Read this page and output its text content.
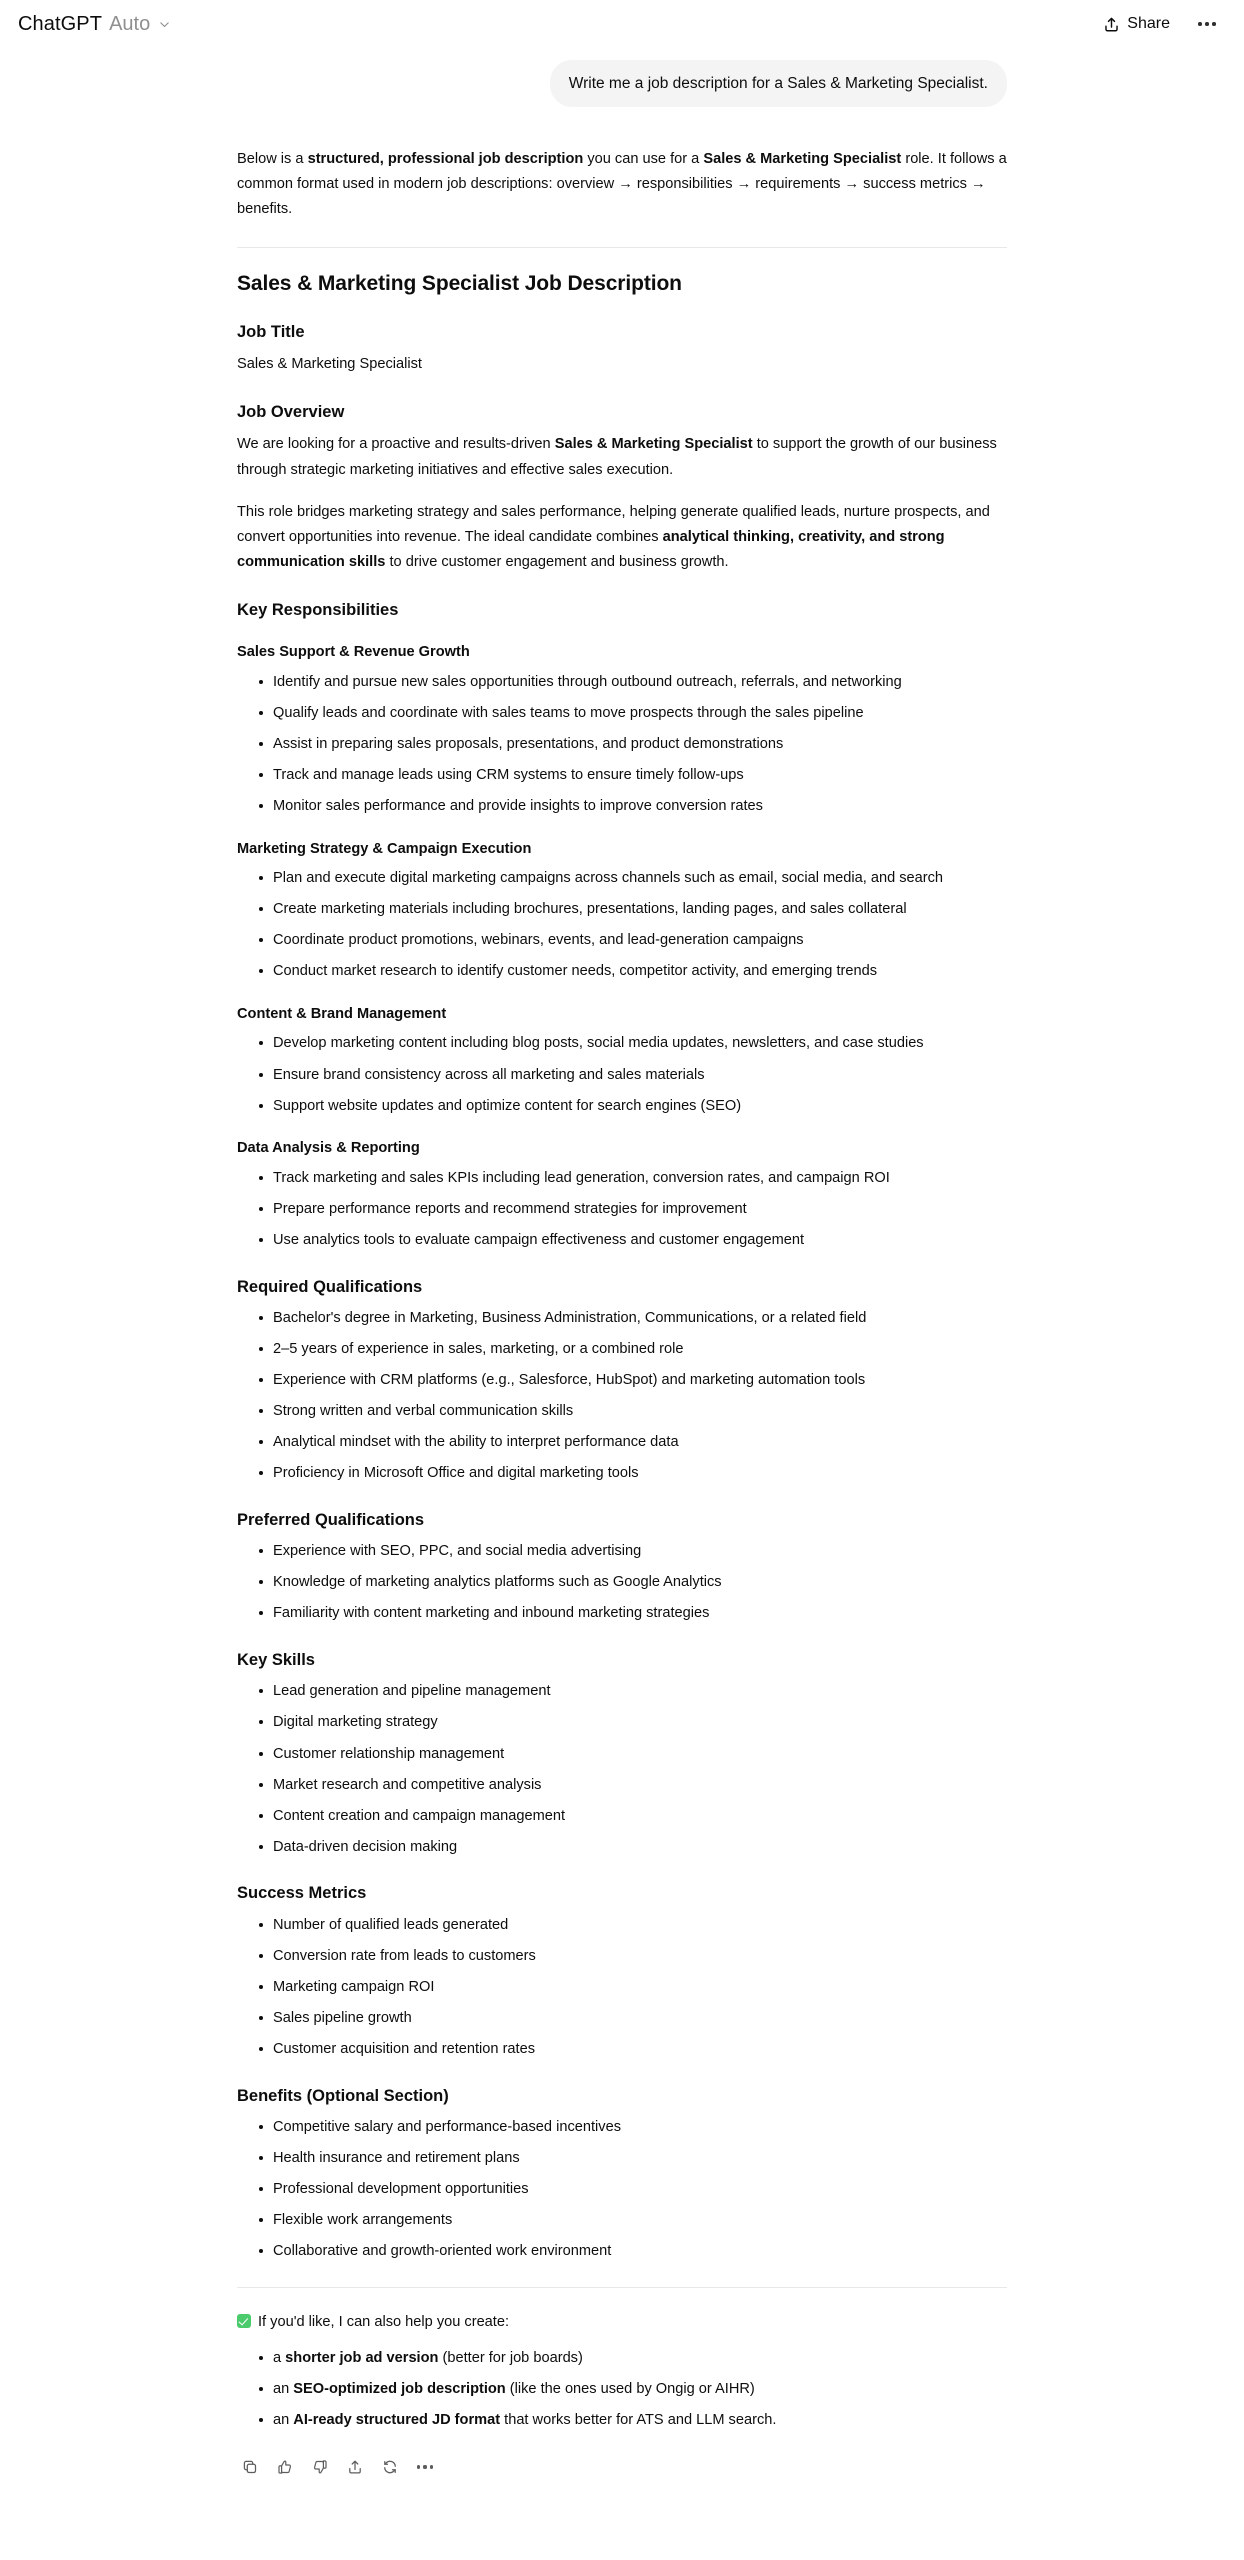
ChatGPT Auto	Share
Write me a job description for a Sales & Marketing Specialist.

Below is a structured, professional job description you can use for a Sales & Marketing Specialist role. It follows a common format used in modern job descriptions: overview → responsibilities → requirements → success metrics → benefits.

Sales & Marketing Specialist Job Description
Job Title

Sales & Marketing Specialist

Job Overview

We are looking for a proactive and results-driven Sales & Marketing Specialist to support the growth of our business through strategic marketing initiatives and effective sales execution.

This role bridges marketing strategy and sales performance, helping generate qualified leads, nurture prospects, and convert opportunities into revenue. The ideal candidate combines analytical thinking, creativity, and strong communication skills to drive customer engagement and business growth.

Key Responsibilities
Sales Support & Revenue Growth
Identify and pursue new sales opportunities through outbound outreach, referrals, and networking
Qualify leads and coordinate with sales teams to move prospects through the sales pipeline
Assist in preparing sales proposals, presentations, and product demonstrations
Track and manage leads using CRM systems to ensure timely follow-ups
Monitor sales performance and provide insights to improve conversion rates
Marketing Strategy & Campaign Execution
Plan and execute digital marketing campaigns across channels such as email, social media, and search
Create marketing materials including brochures, presentations, landing pages, and sales collateral
Coordinate product promotions, webinars, events, and lead-generation campaigns
Conduct market research to identify customer needs, competitor activity, and emerging trends
Content & Brand Management
Develop marketing content including blog posts, social media updates, newsletters, and case studies
Ensure brand consistency across all marketing and sales materials
Support website updates and optimize content for search engines (SEO)
Data Analysis & Reporting
Track marketing and sales KPIs including lead generation, conversion rates, and campaign ROI
Prepare performance reports and recommend strategies for improvement
Use analytics tools to evaluate campaign effectiveness and customer engagement
Required Qualifications
Bachelor's degree in Marketing, Business Administration, Communications, or a related field
2–5 years of experience in sales, marketing, or a combined role
Experience with CRM platforms (e.g., Salesforce, HubSpot) and marketing automation tools
Strong written and verbal communication skills
Analytical mindset with the ability to interpret performance data
Proficiency in Microsoft Office and digital marketing tools
Preferred Qualifications
Experience with SEO, PPC, and social media advertising
Knowledge of marketing analytics platforms such as Google Analytics
Familiarity with content marketing and inbound marketing strategies
Key Skills
Lead generation and pipeline management
Digital marketing strategy
Customer relationship management
Market research and competitive analysis
Content creation and campaign management
Data-driven decision making
Success Metrics
Number of qualified leads generated
Conversion rate from leads to customers
Marketing campaign ROI
Sales pipeline growth
Customer acquisition and retention rates
Benefits (Optional Section)
Competitive salary and performance-based incentives
Health insurance and retirement plans
Professional development opportunities
Flexible work arrangements
Collaborative and growth-oriented work environment
If you'd like, I can also help you create:
a shorter job ad version (better for job boards)
an SEO-optimized job description (like the ones used by Ongig or AIHR)
an AI-ready structured JD format that works better for ATS and LLM search.
